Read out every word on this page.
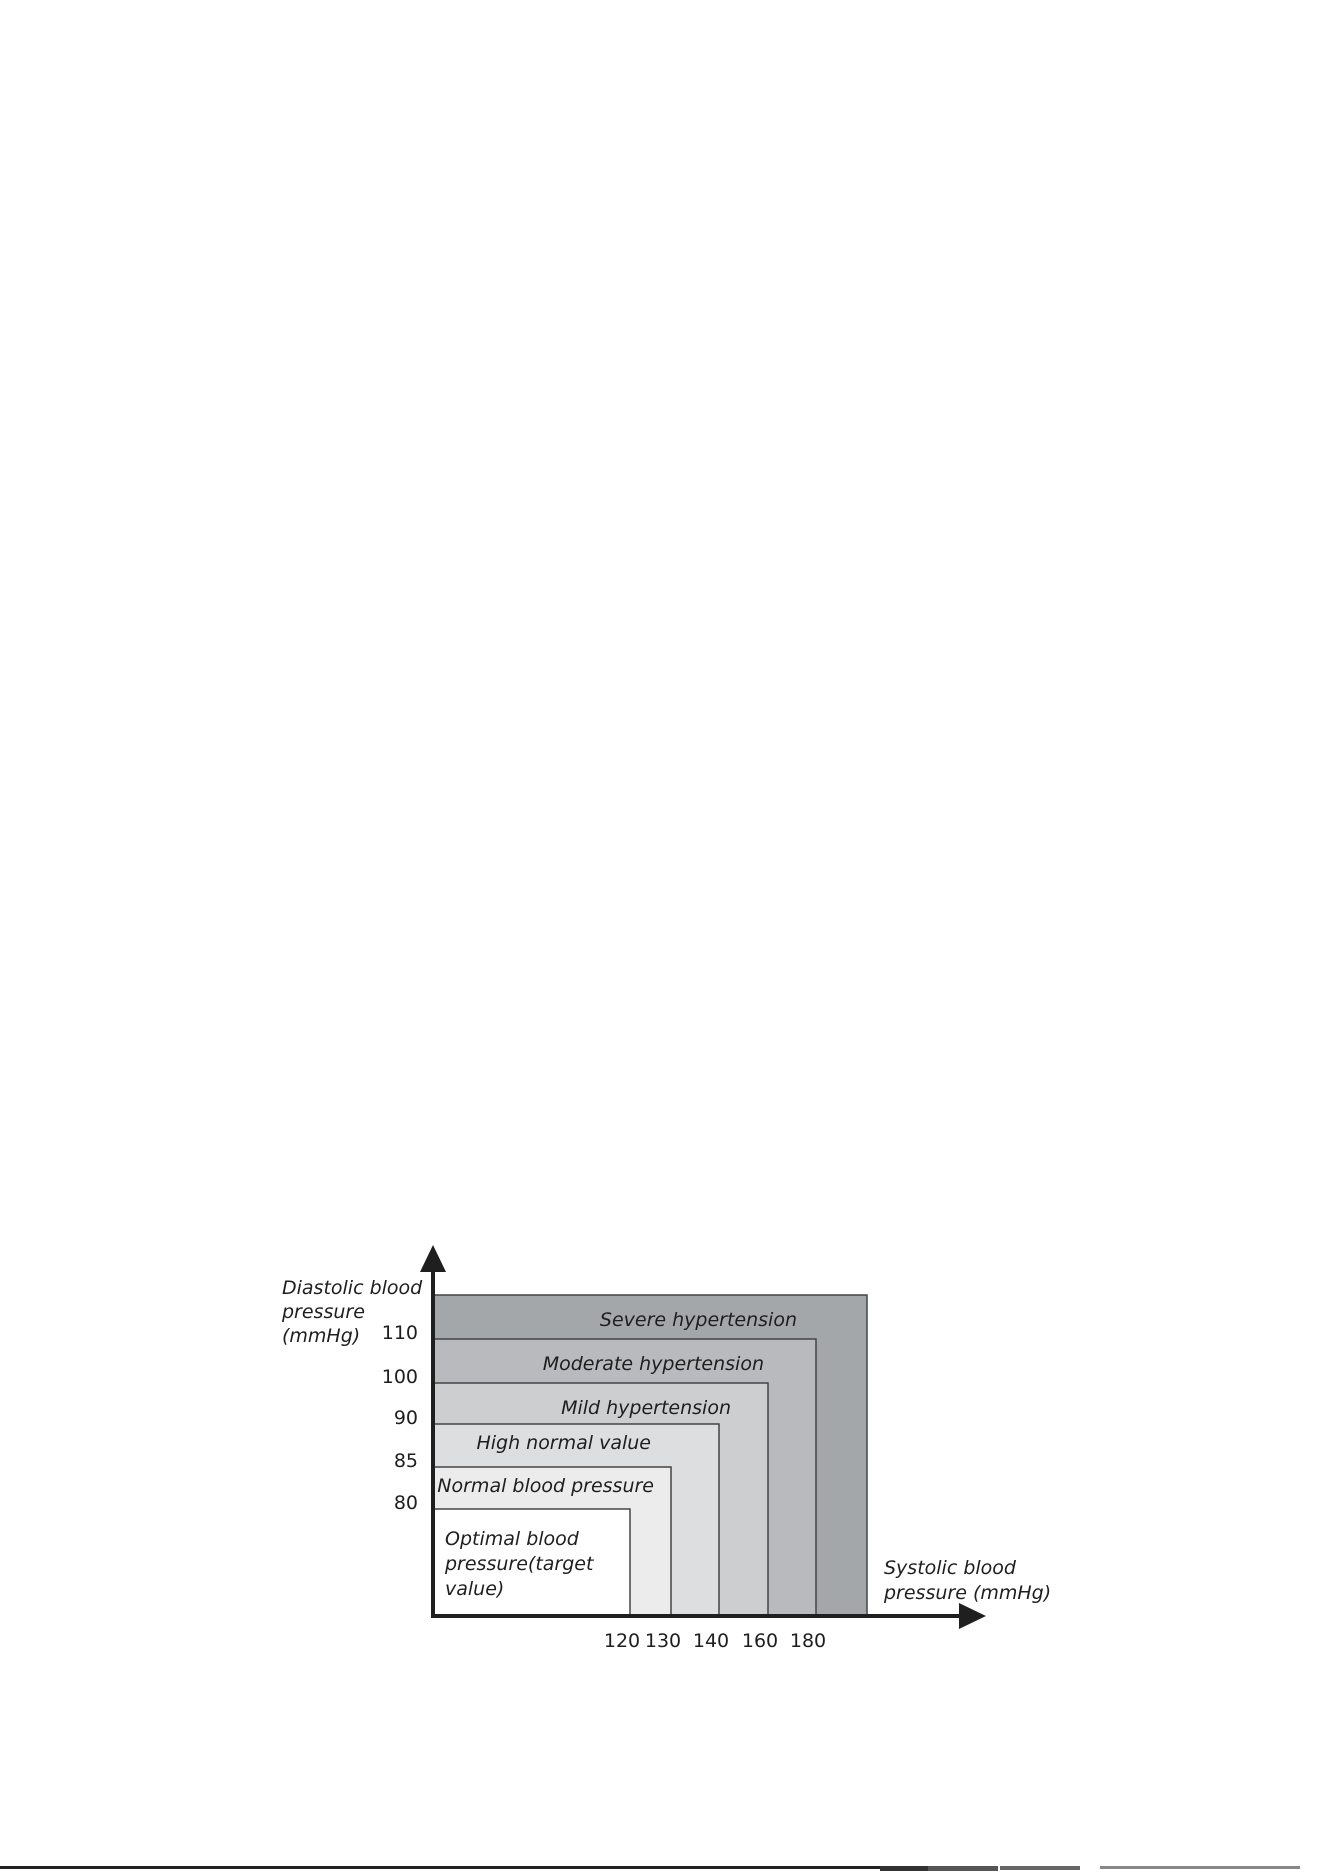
Severe hypertension
Moderate hypertension
Mild hypertension
High normal value
Normal blood pressure
Optimal blood pressure(target value)
120 130 140 160 180
80
85
90
100
110
Diastolic blood pressure (mmHg)
Systolic blood pressure (mmHg)
